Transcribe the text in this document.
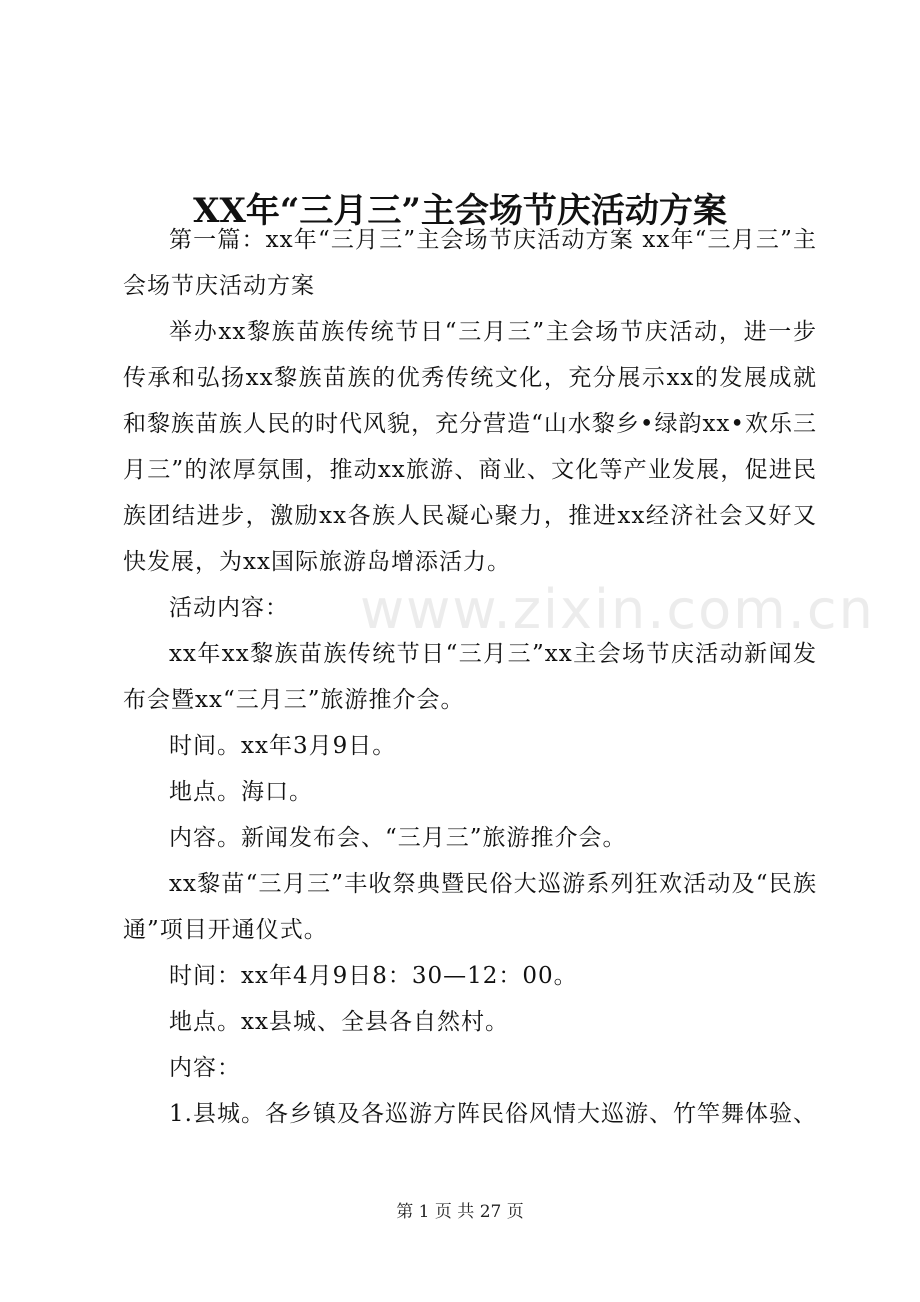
XX年“三月三”主会场节庆活动方案

第一篇：xx年“三月三”主会场节庆活动方案 xx年“三月三”主会场节庆活动方案

举办xx黎族苗族传统节日“三月三”主会场节庆活动，进一步传承和弘扬xx黎族苗族的优秀传统文化，充分展示xx的发展成就和黎族苗族人民的时代风貌，充分营造“山水黎乡•绿韵xx•欢乐三月三”的浓厚氛围，推动xx旅游、商业、文化等产业发展，促进民族团结进步，激励xx各族人民凝心聚力，推进xx经济社会又好又快发展，为xx国际旅游岛增添活力。

活动内容：

xx年xx黎族苗族传统节日“三月三”xx主会场节庆活动新闻发布会暨xx“三月三”旅游推介会。

时间。xx年3月9日。

地点。海口。

内容。新闻发布会、“三月三”旅游推介会。

xx黎苗“三月三”丰收祭典暨民俗大巡游系列狂欢活动及“民族通”项目开通仪式。

时间：xx年4月9日8：30—12：00。

地点。xx县城、全县各自然村。

内容：

1.县城。各乡镇及各巡游方阵民俗风情大巡游、竹竿舞体验、

www.zixin.com.cn
第 1 页 共 27 页
